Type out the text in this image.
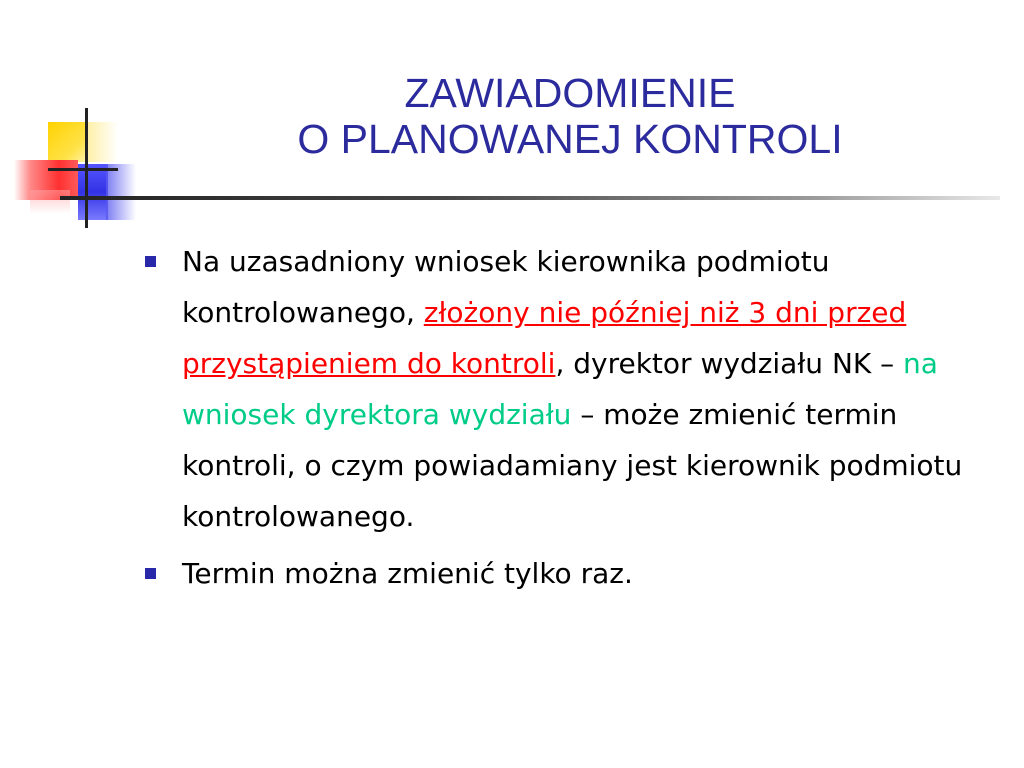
ZAWIADOMIENIE
O PLANOWANEJ KONTROLI
Na uzasadniony wniosek kierownika podmiotu kontrolowanego, złożony nie później niż 3 dni przed przystąpieniem do kontroli, dyrektor wydziału NK – na wniosek dyrektora wydziału – może zmienić termin kontroli, o czym powiadamiany jest kierownik podmiotu kontrolowanego.
Termin można zmienić tylko raz.
